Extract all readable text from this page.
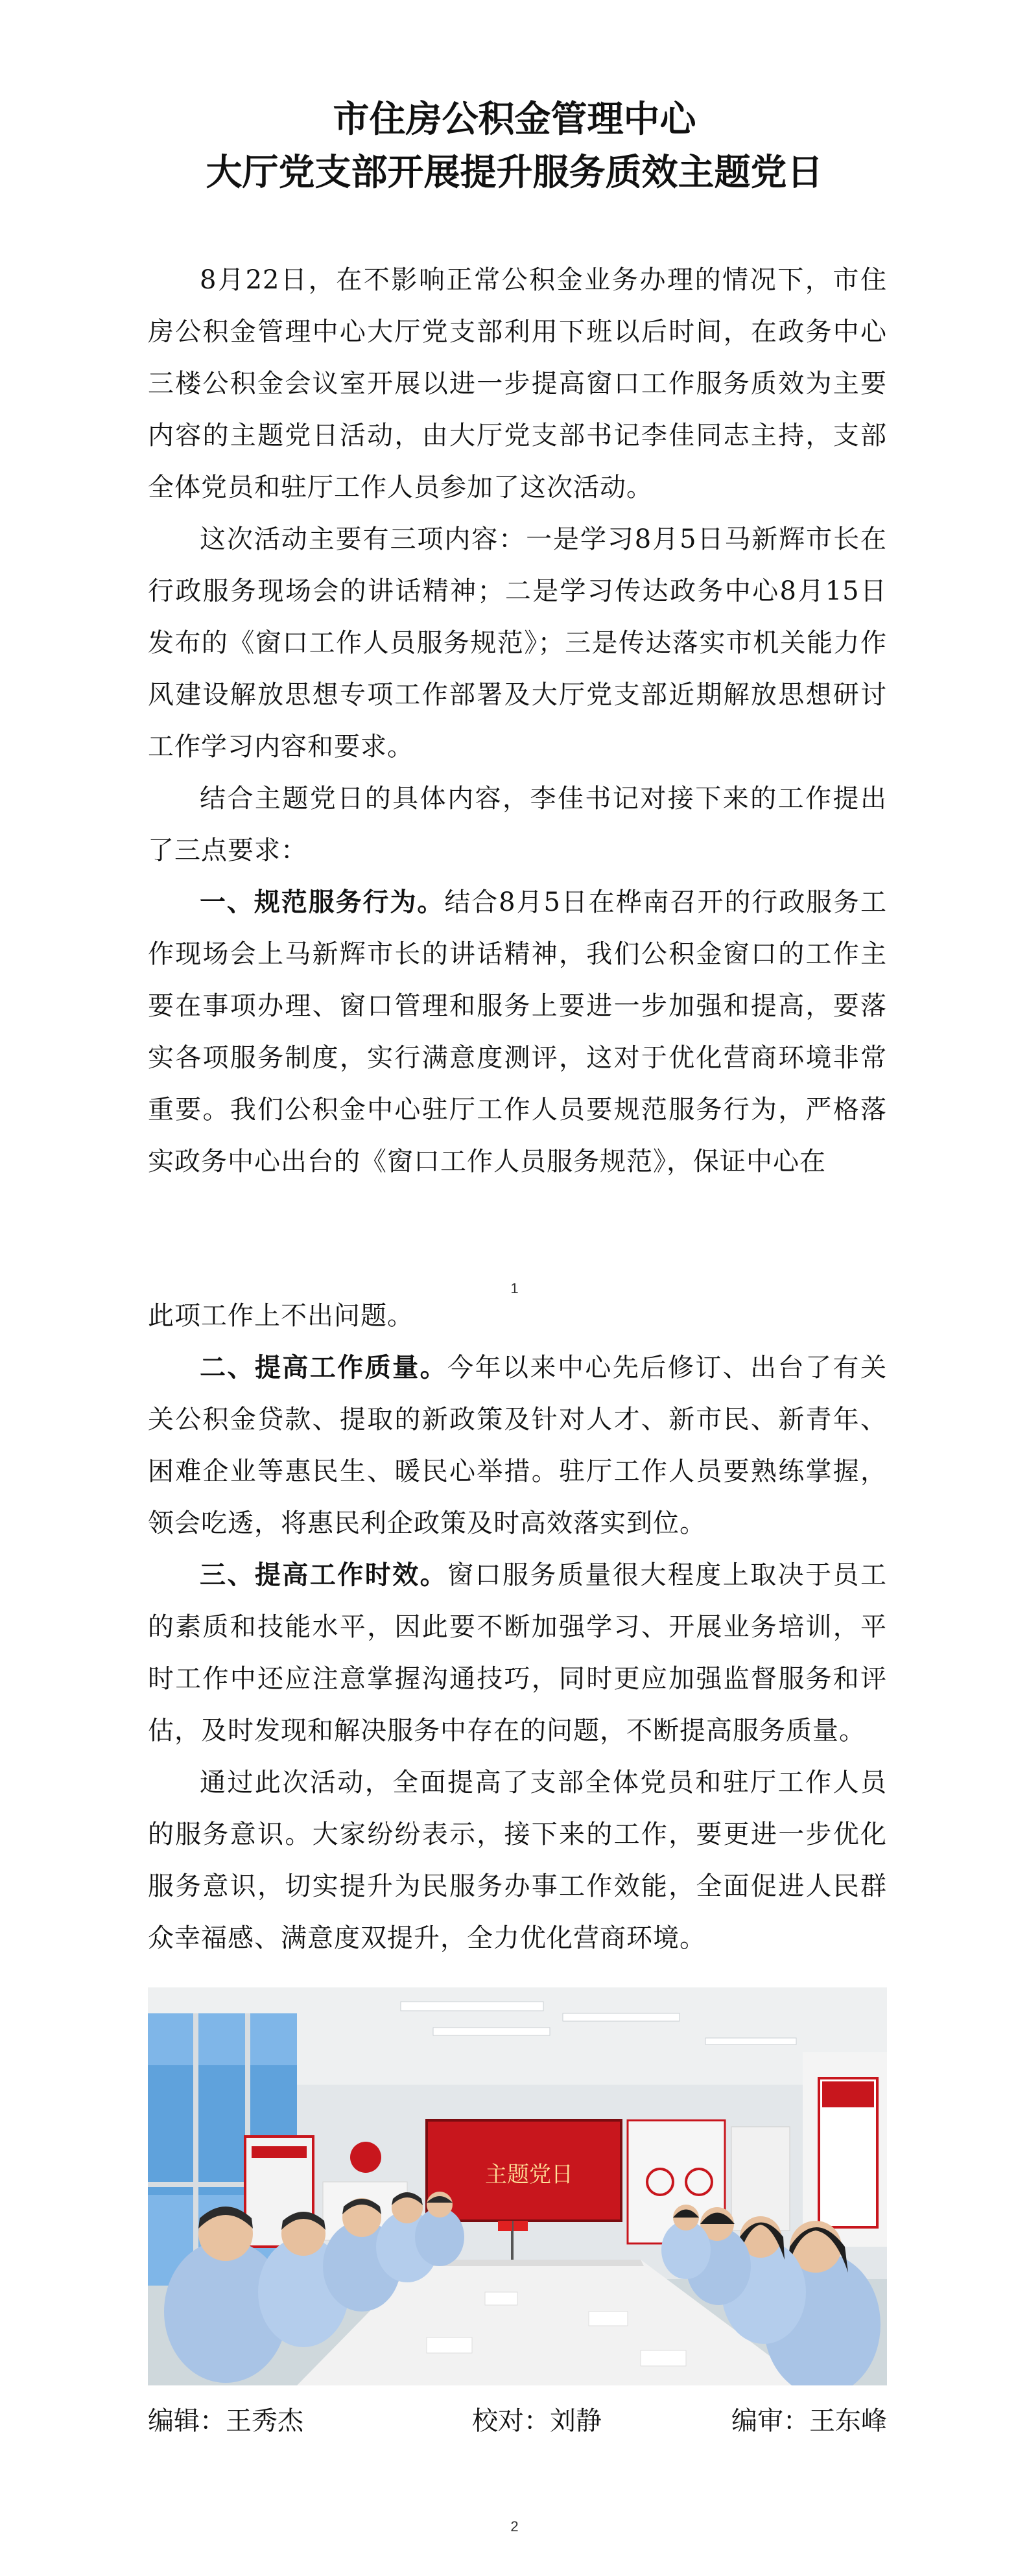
市住房公积金管理中心
大厅党支部开展提升服务质效主题党日

8月22日，在不影响正常公积金业务办理的情况下，市住房公积金管理中心大厅党支部利用下班以后时间，在政务中心三楼公积金会议室开展以进一步提高窗口工作服务质效为主要内容的主题党日活动，由大厅党支部书记李佳同志主持，支部全体党员和驻厅工作人员参加了这次活动。

这次活动主要有三项内容：一是学习8月5日马新辉市长在行政服务现场会的讲话精神；二是学习传达政务中心8月15日发布的《窗口工作人员服务规范》；三是传达落实市机关能力作风建设解放思想专项工作部署及大厅党支部近期解放思想研讨工作学习内容和要求。

结合主题党日的具体内容，李佳书记对接下来的工作提出了三点要求：

一、规范服务行为。结合8月5日在桦南召开的行政服务工作现场会上马新辉市长的讲话精神，我们公积金窗口的工作主要在事项办理、窗口管理和服务上要进一步加强和提高，要落实各项服务制度，实行满意度测评，这对于优化营商环境非常重要。我们公积金中心驻厅工作人员要规范服务行为，严格落实政务中心出台的《窗口工作人员服务规范》，保证中心在

1

此项工作上不出问题。

二、提高工作质量。今年以来中心先后修订、出台了有关关公积金贷款、提取的新政策及针对人才、新市民、新青年、困难企业等惠民生、暖民心举措。驻厅工作人员要熟练掌握，领会吃透，将惠民利企政策及时高效落实到位。

三、提高工作时效。窗口服务质量很大程度上取决于员工的素质和技能水平，因此要不断加强学习、开展业务培训，平时工作中还应注意掌握沟通技巧，同时更应加强监督服务和评估，及时发现和解决服务中存在的问题，不断提高服务质量。

通过此次活动，全面提高了支部全体党员和驻厅工作人员的服务意识。大家纷纷表示，接下来的工作，要更进一步优化服务意识，切实提升为民服务办事工作效能，全面促进人民群众幸福感、满意度双提升，全力优化营商环境。

主题党日
编辑：王秀杰	校对：刘静	编审：王东峰
2
